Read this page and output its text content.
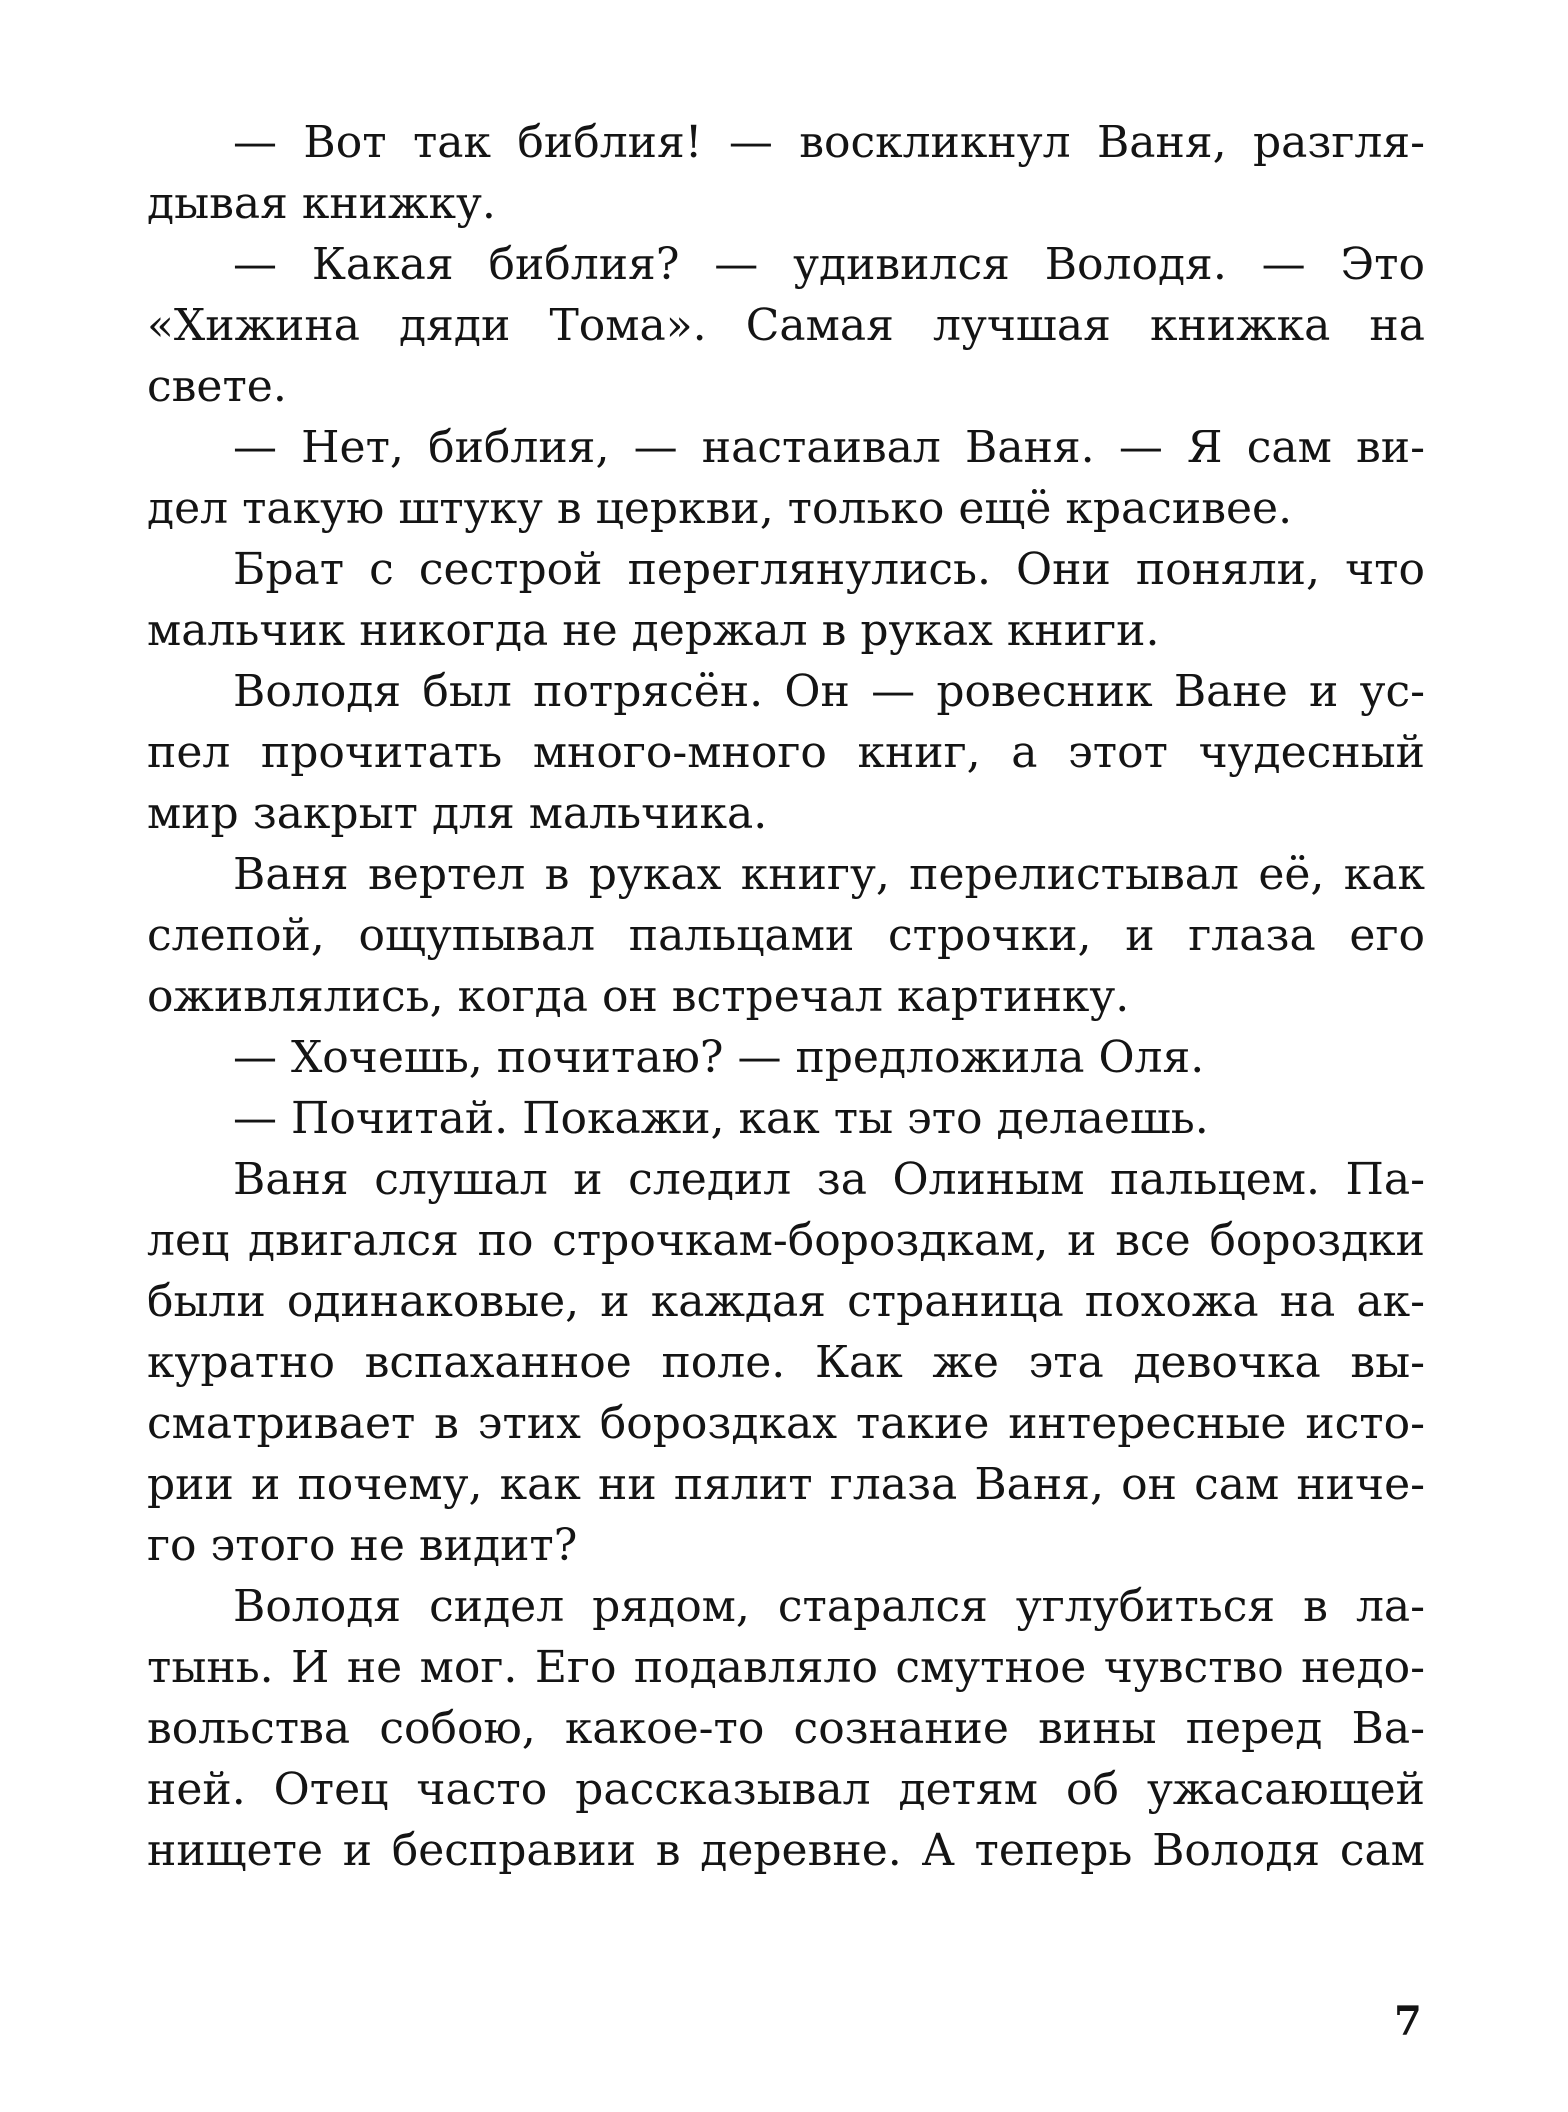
— Вот так библия! — воскликнул Ваня, разгля-
дывая книжку.
— Какая библия? — удивился Володя. — Это
«Хижина дяди Тома». Самая лучшая книжка на
свете.
— Нет, библия, — настаивал Ваня. — Я сам ви-
дел такую штуку в церкви, только ещё красивее.
Брат с сестрой переглянулись. Они поняли, что
мальчик никогда не держал в руках книги.
Володя был потрясён. Он — ровесник Ване и ус-
пел прочитать много-много книг, а этот чудесный
мир закрыт для мальчика.
Ваня вертел в руках книгу, перелистывал её, как
слепой, ощупывал пальцами строчки, и глаза его
оживлялись, когда он встречал картинку.
— Хочешь, почитаю? — предложила Оля.
— Почитай. Покажи, как ты это делаешь.
Ваня слушал и следил за Олиным пальцем. Па-
лец двигался по строчкам-бороздкам, и все бороздки
были одинаковые, и каждая страница похожа на ак-
куратно вспаханное поле. Как же эта девочка вы-
сматривает в этих бороздках такие интересные исто-
рии и почему, как ни пялит глаза Ваня, он сам ниче-
го этого не видит?
Володя сидел рядом, старался углубиться в ла-
тынь. И не мог. Его подавляло смутное чувство недо-
вольства собою, какое-то сознание вины перед Ва-
ней. Отец часто рассказывал детям об ужасающей
нищете и бесправии в деревне. А теперь Володя сам
7
